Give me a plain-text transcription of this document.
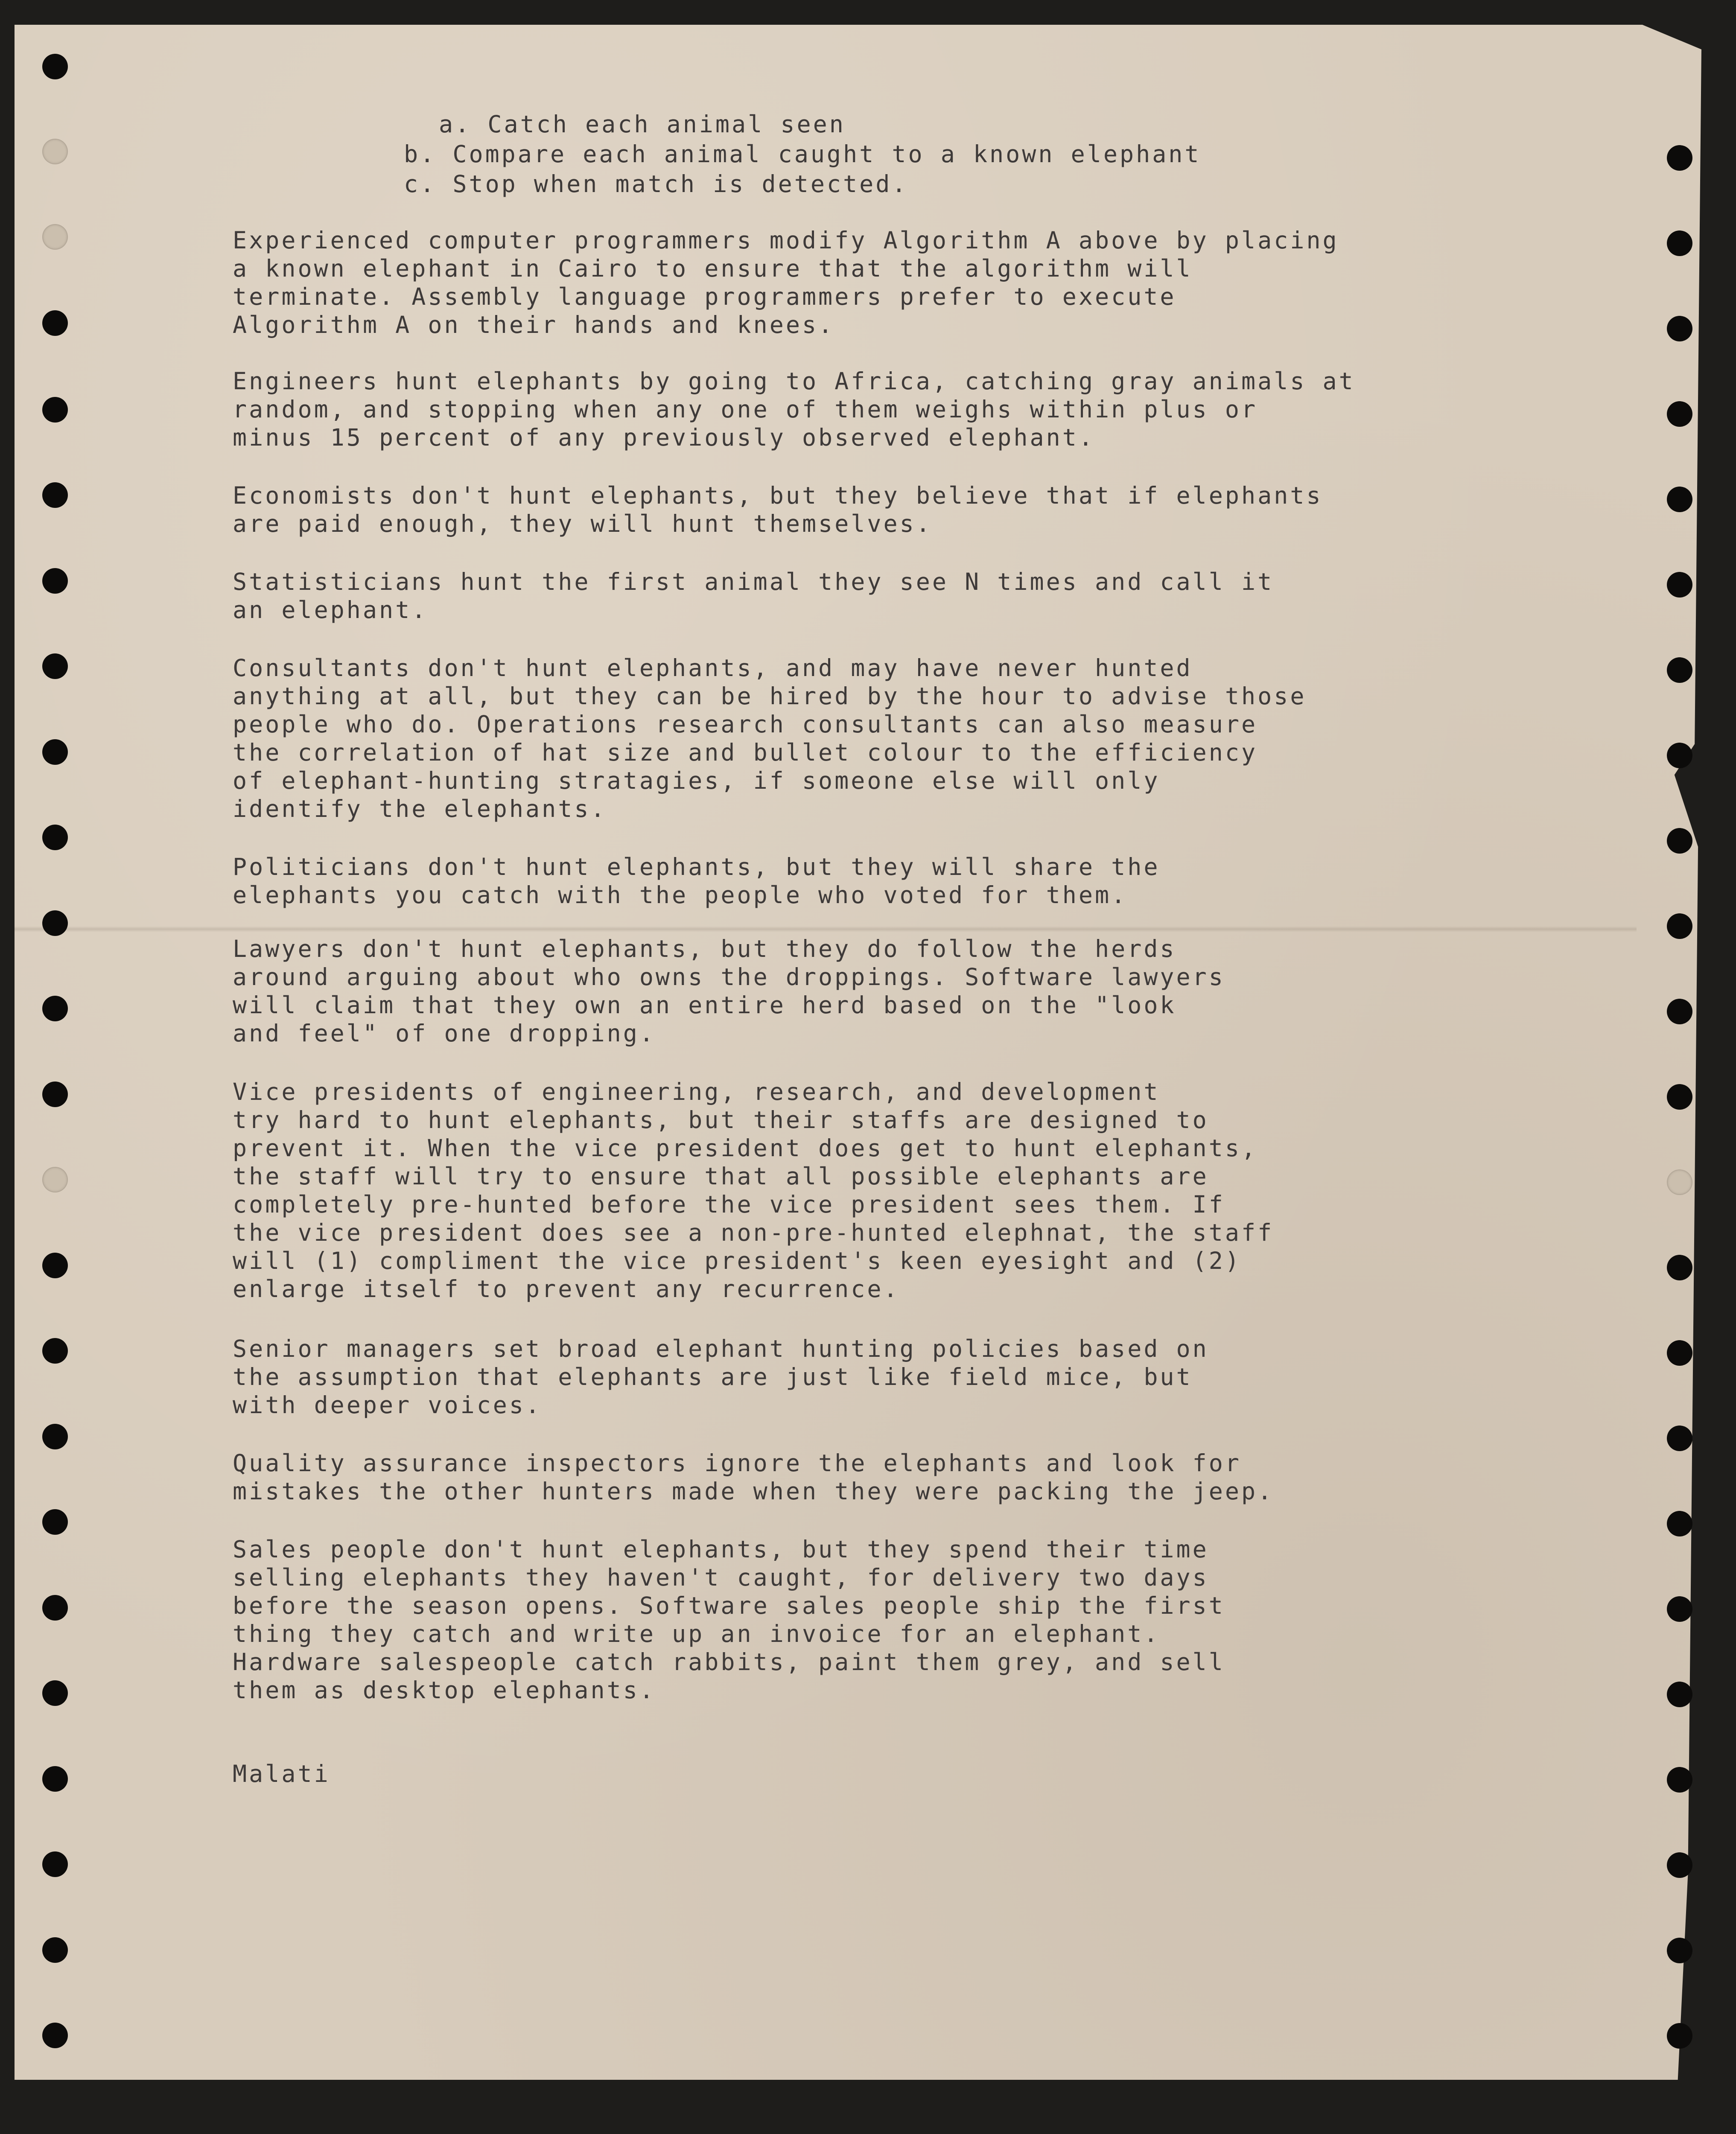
a. Catch each animal seen

b. Compare each animal caught to a known elephant

c. Stop when match is detected.

Experienced computer programmers modify Algorithm A above by placing

a known elephant in Cairo to ensure that the algorithm will

terminate. Assembly language programmers prefer to execute

Algorithm A on their hands and knees.

Engineers hunt elephants by going to Africa, catching gray animals at

random, and stopping when any one of them weighs within plus or

minus 15 percent of any previously observed elephant.

Economists don't hunt elephants, but they believe that if elephants

are paid enough, they will hunt themselves.

Statisticians hunt the first animal they see N times and call it

an elephant.

Consultants don't hunt elephants, and may have never hunted

anything at all, but they can be hired by the hour to advise those

people who do. Operations research consultants can also measure

the correlation of hat size and bullet colour to the efficiency

of elephant-hunting stratagies, if someone else will only

identify the elephants.

Politicians don't hunt elephants, but they will share the

elephants you catch with the people who voted for them.

Lawyers don't hunt elephants, but they do follow the herds

around arguing about who owns the droppings. Software lawyers

will claim that they own an entire herd based on the "look

and feel" of one dropping.

Vice presidents of engineering, research, and development

try hard to hunt elephants, but their staffs are designed to

prevent it. When the vice president does get to hunt elephants,

the staff will try to ensure that all possible elephants are

completely pre-hunted before the vice president sees them. If

the vice president does see a non-pre-hunted elephnat, the staff

will (1) compliment the vice president's keen eyesight and (2)

enlarge itself to prevent any recurrence.

Senior managers set broad elephant hunting policies based on

the assumption that elephants are just like field mice, but

with deeper voices.

Quality assurance inspectors ignore the elephants and look for

mistakes the other hunters made when they were packing the jeep.

Sales people don't hunt elephants, but they spend their time

selling elephants they haven't caught, for delivery two days

before the season opens. Software sales people ship the first

thing they catch and write up an invoice for an elephant.

Hardware salespeople catch rabbits, paint them grey, and sell

them as desktop elephants.

Malati
